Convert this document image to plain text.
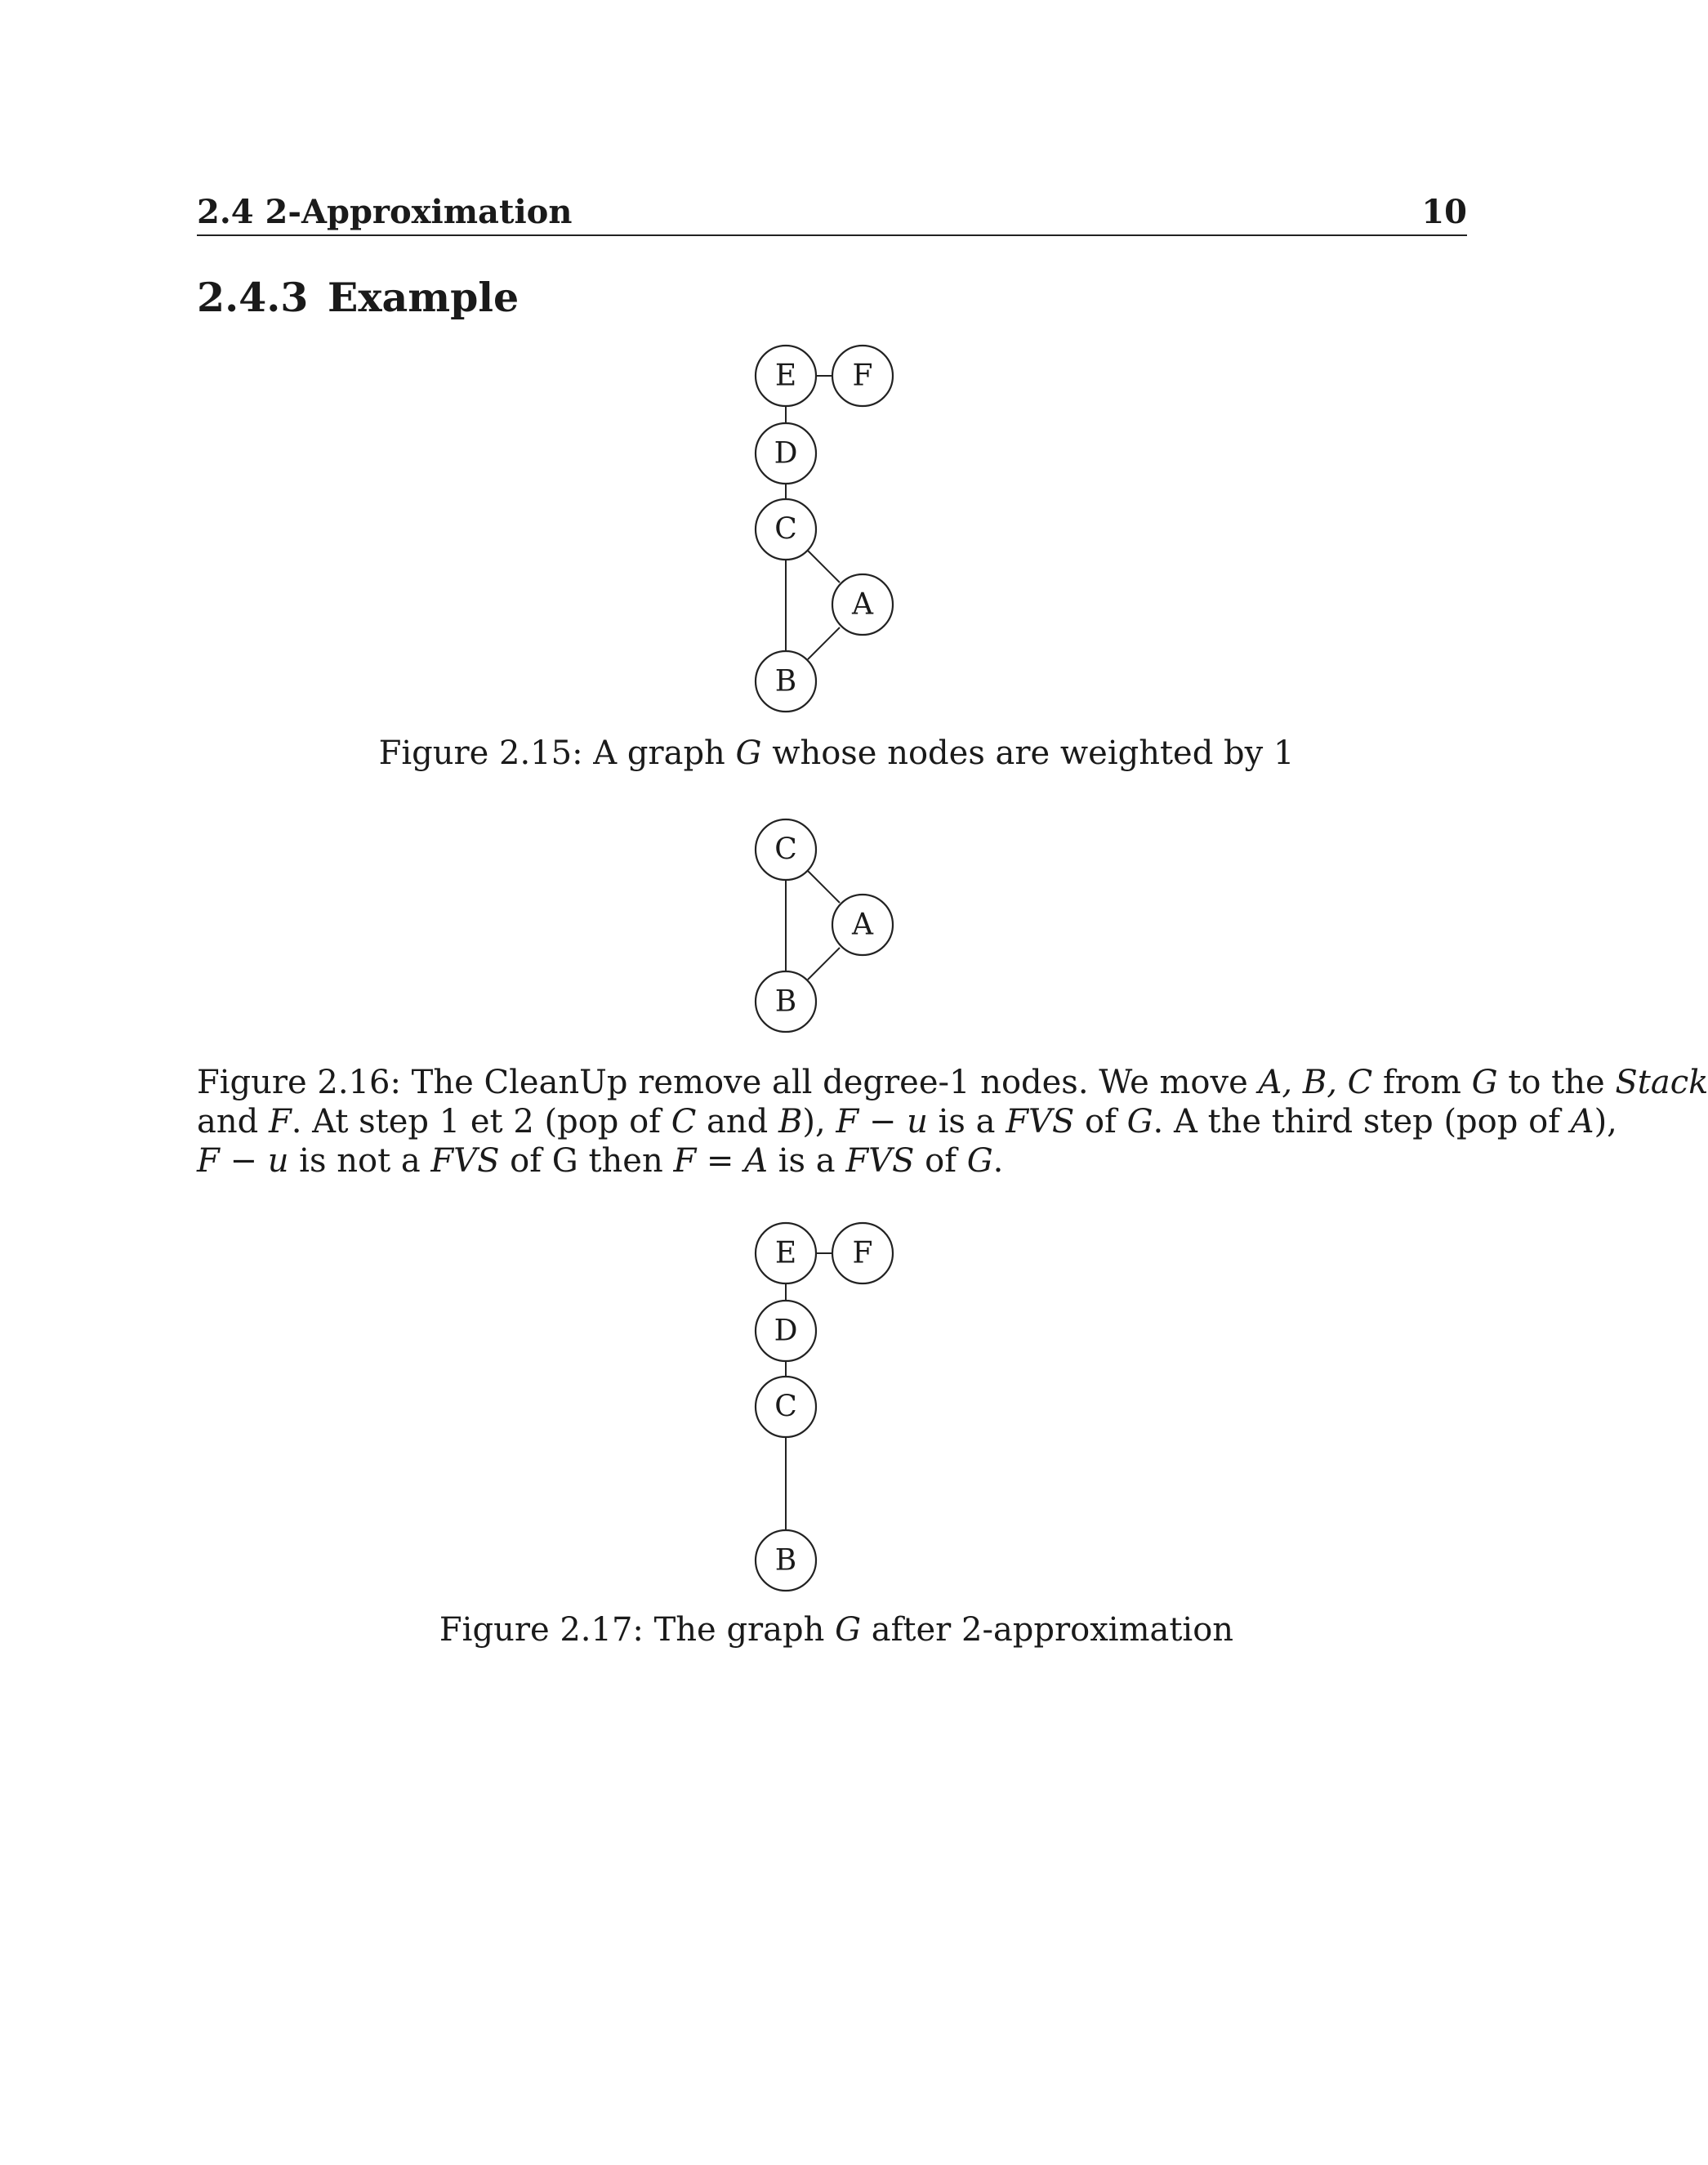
2.4 2-Approximation	10
2.4.3 Example
E F
D
C
A
B
Figure 2.15: A graph G whose nodes are weighted by 1
C
A
B
Figure 2.16: The CleanUp remove all degree-1 nodes. We move A, B, C from G to the Stack
and F. At step 1 et 2 (pop of C and B), F − u is a FVS of G. A the third step (pop of A),
F − u is not a FVS of G then F = A is a FVS of G.
E F
D
C
B
Figure 2.17: The graph G after 2-approximation
